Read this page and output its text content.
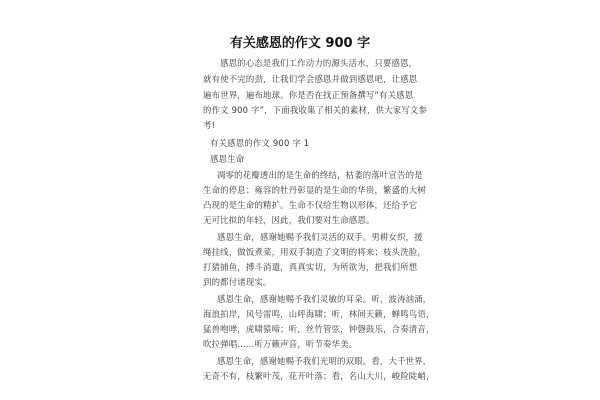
有关感恩的作文 900 字
感恩的心态是我们工作动力的源头活水，只要感恩，
就有使不完的劲，让我们学会感恩并做到感恩吧，让感恩
遍布世界，遍布地球。你是否在找正预备撰写“有关感恩
的作文 900 字”，下面我收集了相关的素材，供大家写文参
考!
有关感恩的作文 900 字 1
感恩生命
凋零的花瓣透出的是生命的终结，枯萎的落叶宣告的是
生命的停息；雍容的牡丹彰显的是生命的华贵，繁盛的大树
凸现的是生命的精扩。生命不仅给生物以形体，还给予它
无可比拟的年轻，因此，我们要对生命感恩。
感恩生命，感谢她赐予我们灵活的双手。男耕女织，援
绳挂线，做饭煮菜，用双手制造了文明的将来；枝头洗脸，
打猎捕鱼，搏斗消遣，真真实切，为所欲为，把我们所想
到的都付诸现实。
感恩生命，感谢她赐予我们灵敏的耳朵。听，波涛汹涌，
海浪拍岸，风号雷鸣，山呼海啸；听，林间天籁，蝉鸣鸟语，
猛兽咆哮，虎啸猿啼；听，丝竹管弦，钟磬鼓乐，合奏清音，
吹拉弹唱……听万籁声音，听节奏华美。
感恩生命，感谢她赐予我们光明的双眼。看，大千世界，
无奇不有，枝繁叶茂，花开叶落；看，名山大川，峻险陡峭，
